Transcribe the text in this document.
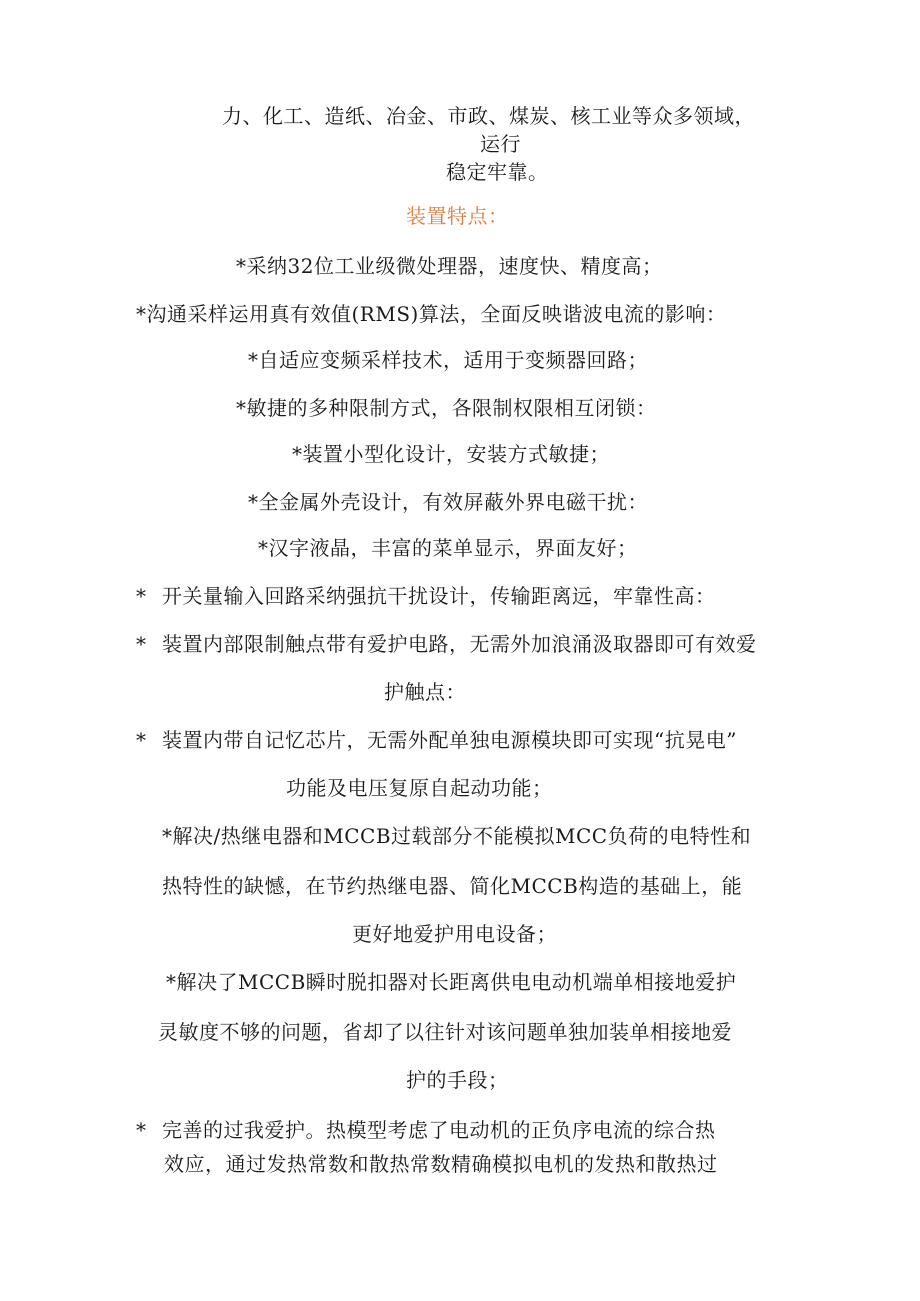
力、化工、造纸、冶金、市政、煤炭、核工业等众多领域，
运行
稳定牢靠。
装置特点：
*采纳32位工业级微处理器，速度快、精度高；
*沟通采样运用真有效值(RMS)算法，全面反映谐波电流的影响：
*自适应变频采样技术，适用于变频器回路；
*敏捷的多种限制方式，各限制权限相互闭锁：
*装置小型化设计，安装方式敏捷；
*全金属外壳设计，有效屏蔽外界电磁干扰：
*汉字液晶，丰富的菜单显示，界面友好；
* 开关量输入回路采纳强抗干扰设计，传输距离远，牢靠性高：
* 装置内部限制触点带有爱护电路，无需外加浪涌汲取器即可有效爱
护触点：
* 装置内带自记忆芯片，无需外配单独电源模块即可实现“抗晃电”
功能及电压复原自起动功能；
*解决/热继电器和MCCB过载部分不能模拟MCC负荷的电特性和
热特性的缺憾，在节约热继电器、简化MCCB构造的基础上，能
更好地爱护用电设备；
*解决了MCCB瞬时脱扣器对长距离供电电动机端单相接地爱护
灵敏度不够的问题，省却了以往针对该问题单独加装单相接地爱
护的手段；
* 完善的过我爱护。热模型考虑了电动机的正负序电流的综合热
效应，通过发热常数和散热常数精确模拟电机的发热和散热过
